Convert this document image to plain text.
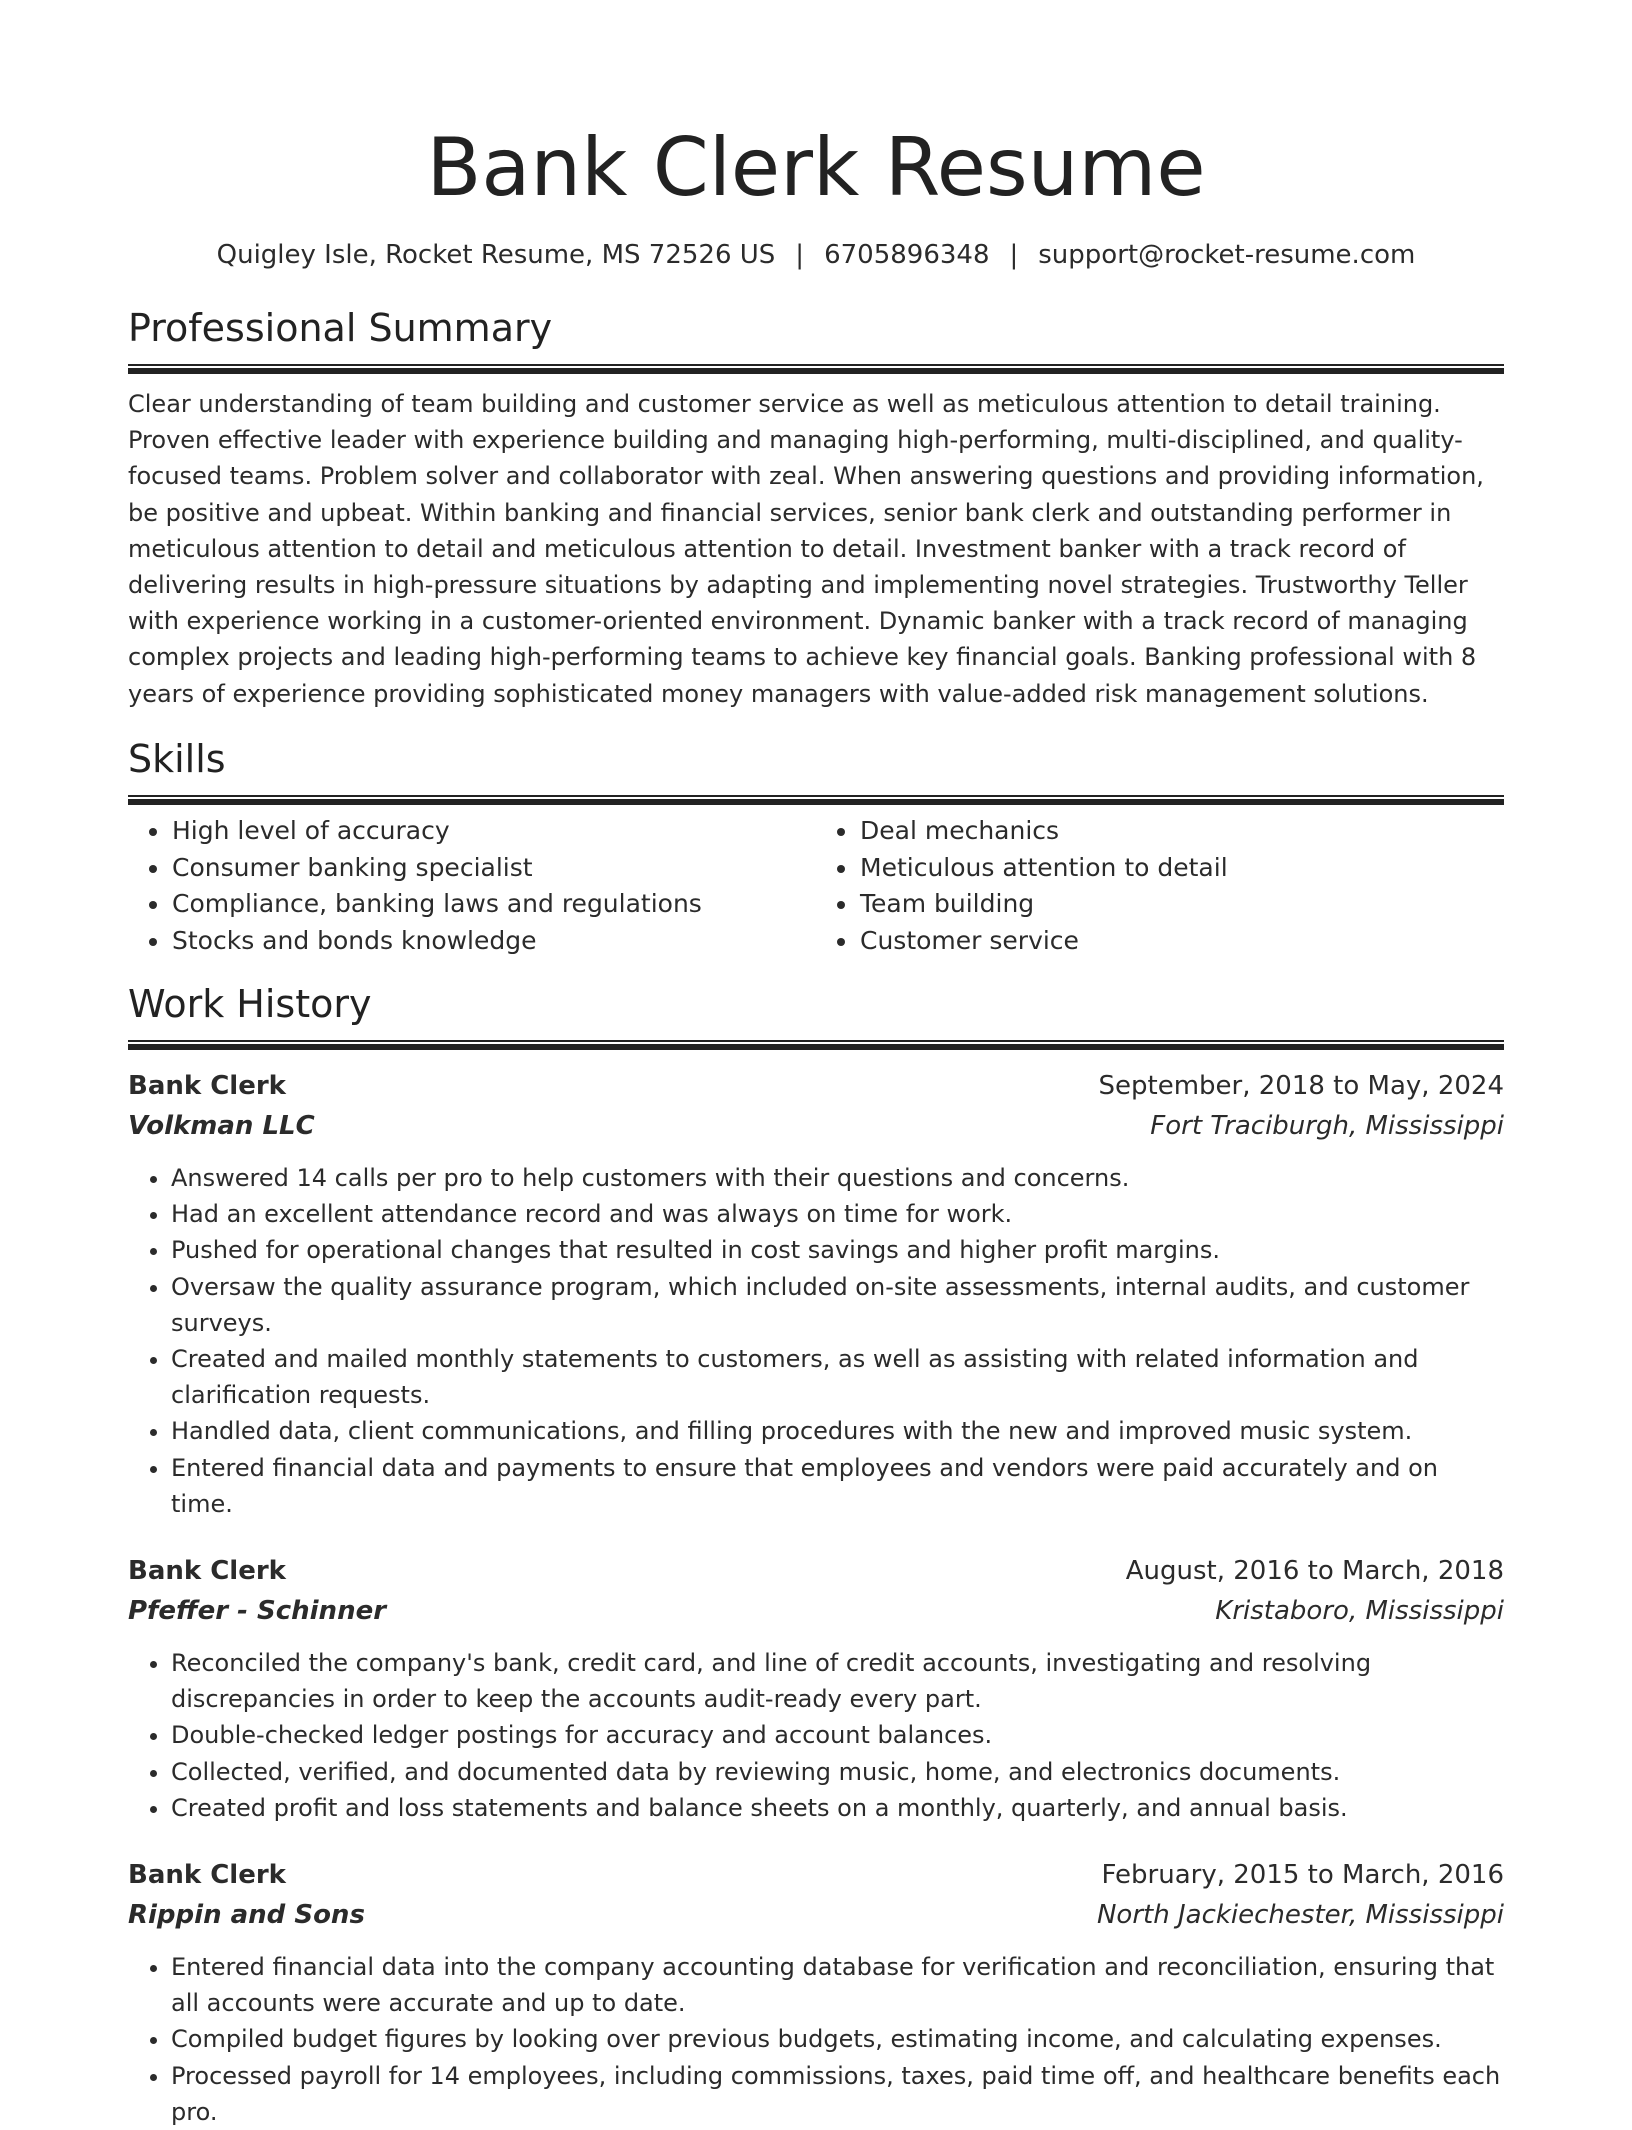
Bank Clerk Resume
Quigley Isle, Rocket Resume, MS 72526 US | 6705896348 | support@rocket-resume.com
Professional Summary

Clear understanding of team building and customer service as well as meticulous attention to detail training. Proven effective leader with experience building and managing high-performing, multi-disciplined, and quality-focused teams. Problem solver and collaborator with zeal. When answering questions and providing information, be positive and upbeat. Within banking and financial services, senior bank clerk and outstanding performer in meticulous attention to detail and meticulous attention to detail. Investment banker with a track record of delivering results in high-pressure situations by adapting and implementing novel strategies. Trustworthy Teller with experience working in a customer-oriented environment. Dynamic banker with a track record of managing complex projects and leading high-performing teams to achieve key financial goals. Banking professional with 8 years of experience providing sophisticated money managers with value-added risk management solutions.

Skills
• High level of accuracy
• Consumer banking specialist
• Compliance, banking laws and regulations
• Stocks and bonds knowledge
• Deal mechanics
• Meticulous attention to detail
• Team building
• Customer service
Work History
Bank Clerk	September, 2018 to May, 2024
Volkman LLC	Fort Traciburgh, Mississippi
• Answered 14 calls per pro to help customers with their questions and concerns.
• Had an excellent attendance record and was always on time for work.
• Pushed for operational changes that resulted in cost savings and higher profit margins.
• Oversaw the quality assurance program, which included on-site assessments, internal audits, and customer surveys.
• Created and mailed monthly statements to customers, as well as assisting with related information and clarification requests.
• Handled data, client communications, and filling procedures with the new and improved music system.
• Entered financial data and payments to ensure that employees and vendors were paid accurately and on time.
Bank Clerk	August, 2016 to March, 2018
Pfeffer - Schinner	Kristaboro, Mississippi
• Reconciled the company's bank, credit card, and line of credit accounts, investigating and resolving discrepancies in order to keep the accounts audit-ready every part.
• Double-checked ledger postings for accuracy and account balances.
• Collected, verified, and documented data by reviewing music, home, and electronics documents.
• Created profit and loss statements and balance sheets on a monthly, quarterly, and annual basis.
Bank Clerk	February, 2015 to March, 2016
Rippin and Sons	North Jackiechester, Mississippi
• Entered financial data into the company accounting database for verification and reconciliation, ensuring that all accounts were accurate and up to date.
• Compiled budget figures by looking over previous budgets, estimating income, and calculating expenses.
• Processed payroll for 14 employees, including commissions, taxes, paid time off, and healthcare benefits each pro.
